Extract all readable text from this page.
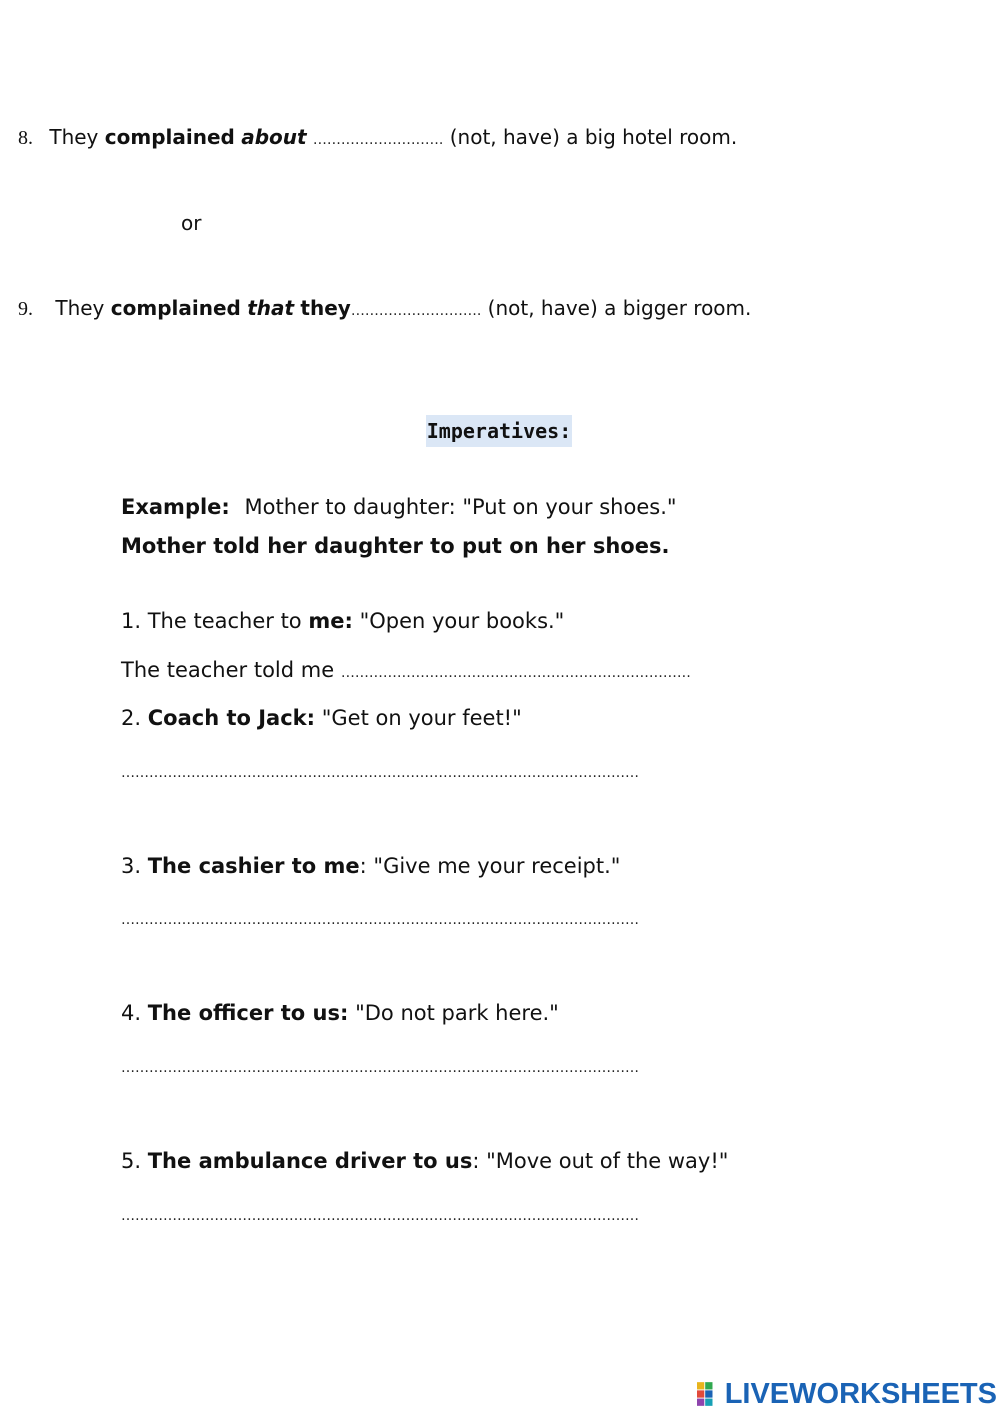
8. They complained about ………………………. (not, have) a big hotel room.
or
9. They complained that they………………………. (not, have) a bigger room.
Imperatives:
Example: Mother to daughter: "Put on your shoes."
Mother told her daughter to put on her shoes.
1. The teacher to me: "Open your books."
The teacher told me …………………………………………………………………
2. Coach to Jack: "Get on your feet!"
…………………………………………………………………………………………………
3. The cashier to me: "Give me your receipt."
…………………………………………………………………………………………………
4. The officer to us: "Do not park here."
…………………………………………………………………………………………………
5. The ambulance driver to us: "Move out of the way!"
…………………………………………………………………………………………………
LIVEWORKSHEETS
